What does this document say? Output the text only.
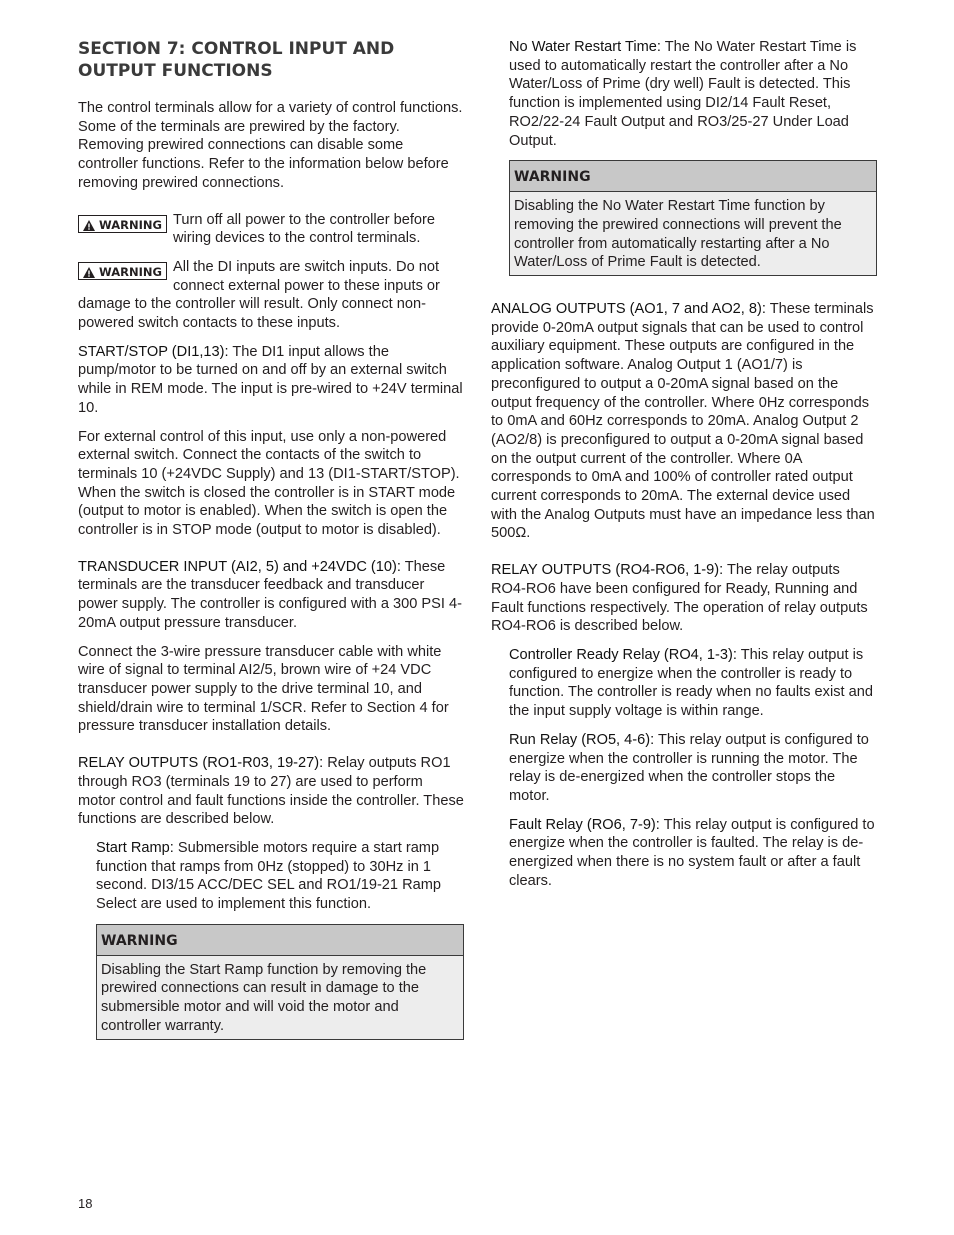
SECTION 7: CONTROL INPUT AND OUTPUT FUNCTIONS

The control terminals allow for a variety of control functions. Some of the terminals are prewired by the factory. Removing prewired connections can disable some controller functions. Refer to the information below before removing prewired connections.

WARNING Turn off all power to the controller before wiring devices to the control terminals.
WARNING All the DI inputs are switch inputs. Do not connect external power to these inputs or damage to the controller will result. Only connect non-powered switch contacts to these inputs.

START/STOP (DI1,13): The DI1 input allows the pump/motor to be turned on and off by an external switch while in REM mode. The input is pre-wired to +24V terminal 10.

For external control of this input, use only a non-powered external switch. Connect the contacts of the switch to terminals 10 (+24VDC Supply) and 13 (DI1-START/STOP). When the switch is closed the controller is in START mode (output to motor is enabled). When the switch is open the controller is in STOP mode (output to motor is disabled).

TRANSDUCER INPUT (AI2, 5) and +24VDC (10): These terminals are the transducer feedback and transducer power supply. The controller is configured with a 300 PSI 4-20mA output pressure transducer.

Connect the 3-wire pressure transducer cable with white wire of signal to terminal AI2/5, brown wire of +24 VDC transducer power supply to the drive terminal 10, and shield/drain wire to terminal 1/SCR. Refer to Section 4 for pressure transducer installation details.

RELAY OUTPUTS (RO1-R03, 19-27): Relay outputs RO1 through RO3 (terminals 19 to 27) are used to perform motor control and fault functions inside the controller. These functions are described below.

Start Ramp: Submersible motors require a start ramp function that ramps from 0Hz (stopped) to 30Hz in 1 second. DI3/15 ACC/DEC SEL and RO1/19-21 Ramp Select are used to implement this function.

WARNING
Disabling the Start Ramp function by removing the prewired connections can result in damage to the submersible motor and will void the motor and controller warranty.

No Water Restart Time: The No Water Restart Time is used to automatically restart the controller after a No Water/Loss of Prime (dry well) Fault is detected. This function is implemented using DI2/14 Fault Reset, RO2/22-24 Fault Output and RO3/25-27 Under Load Output.

WARNING
Disabling the No Water Restart Time function by removing the prewired connections will prevent the controller from automatically restarting after a No Water/Loss of Prime Fault is detected.

ANALOG OUTPUTS (AO1, 7 and AO2, 8): These terminals provide 0-20mA output signals that can be used to control auxiliary equipment. These outputs are configured in the application software. Analog Output 1 (AO1/7) is preconfigured to output a 0-20mA signal based on the output frequency of the controller. Where 0Hz corresponds to 0mA and 60Hz corresponds to 20mA. Analog Output 2 (AO2/8) is preconfigured to output a 0-20mA signal based on the output current of the controller. Where 0A corresponds to 0mA and 100% of controller rated output current corresponds to 20mA. The external device used with the Analog Outputs must have an impedance less than 500Ω.

RELAY OUTPUTS (RO4-RO6, 1-9): The relay outputs RO4-RO6 have been configured for Ready, Running and Fault functions respectively. The operation of relay outputs RO4-RO6 is described below.

Controller Ready Relay (RO4, 1-3): This relay output is configured to energize when the controller is ready to function. The controller is ready when no faults exist and the input supply voltage is within range.

Run Relay (RO5, 4-6): This relay output is configured to energize when the controller is running the motor. The relay is de-energized when the controller stops the motor.

Fault Relay (RO6, 7-9): This relay output is configured to energize when the controller is faulted. The relay is de-energized when there is no system fault or after a fault clears.

18
